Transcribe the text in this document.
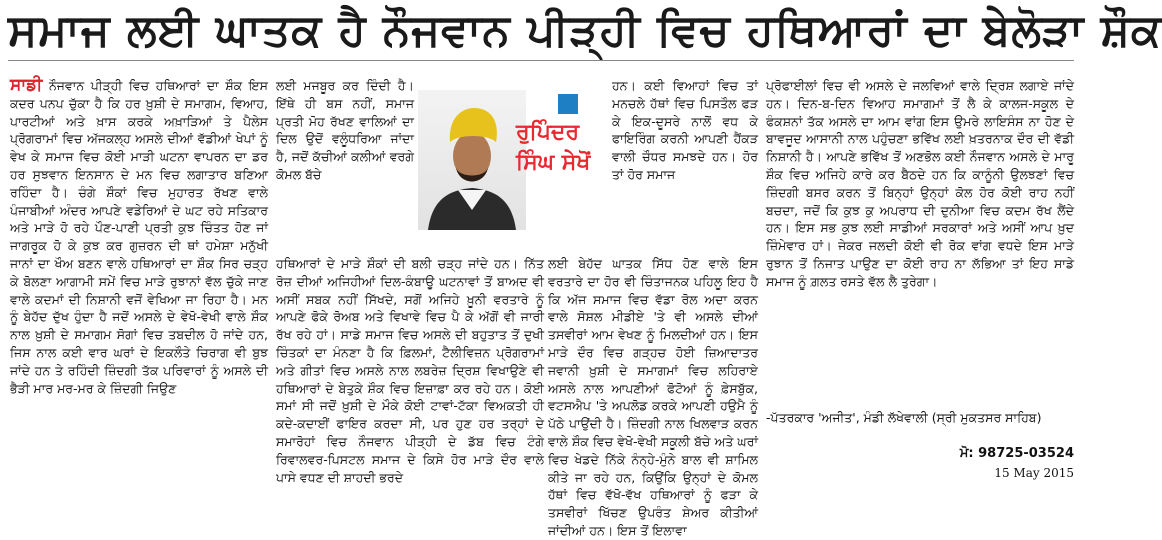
ਸਮਾਜ ਲਈ ਘਾਤਕ ਹੈ ਨੌਜਵਾਨ ਪੀੜ੍ਹੀ ਵਿਚ ਹਥਿਆਰਾਂ ਦਾ ਬੇਲੋੜਾ ਸ਼ੌਕ

ਸਾਡੀ ਨੌਜਵਾਨ ਪੀੜ੍ਹੀ ਵਿਚ ਹਥਿਆਰਾਂ ਦਾ ਸ਼ੌਕ ਇਸ ਕਦਰ ਪਨਪ ਚੁੱਕਾ ਹੈ ਕਿ ਹਰ ਖ਼ੁਸ਼ੀ ਦੇ ਸਮਾਗਮ, ਵਿਆਹ, ਪਾਰਟੀਆਂ ਅਤੇ ਖ਼ਾਸ ਕਰਕੇ ਅਖ਼ਾੜਿਆਂ ਤੇ ਪੈਲੇਸ ਪ੍ਰੋਗਰਾਮਾਂ ਵਿਚ ਅੱਜਕਲ੍ਹ ਅਸਲੇ ਦੀਆਂ ਵੱਡੀਆਂ ਖੇਪਾਂ ਨੂੰ ਵੇਖ ਕੇ ਸਮਾਜ ਵਿਚ ਕੋਈ ਮਾੜੀ ਘਟਨਾ ਵਾਪਰਨ ਦਾ ਡਰ ਹਰ ਸੁਝਵਾਨ ਇਨਸਾਨ ਦੇ ਮਨ ਵਿਚ ਲਗਾਤਾਰ ਬਣਿਆ ਰਹਿੰਦਾ ਹੈ। ਚੰਗੇ ਸ਼ੌਕਾਂ ਵਿਚ ਮੁਹਾਰਤ ਰੱਖਣ ਵਾਲੇ ਪੰਜਾਬੀਆਂ ਅੰਦਰ ਆਪਣੇ ਵਡੇਰਿਆਂ ਦੇ ਘਟ ਰਹੇ ਸਤਿਕਾਰ ਅਤੇ ਮਾੜੇ ਹੋ ਰਹੇ ਪੌਣ-ਪਾਣੀ ਪ੍ਰਤੀ ਕੁਝ ਚਿੰਤਤ ਹੋਣ ਜਾਂ ਜਾਗਰੂਕ ਹੋ ਕੇ ਕੁਝ ਕਰ ਗੁਜ਼ਰਨ ਦੀ ਥਾਂ ਹਮੇਸ਼ਾ ਮਨੁੱਖੀ ਜਾਨਾਂ ਦਾ ਖੌਅ ਬਣਨ ਵਾਲੇ ਹਥਿਆਰਾਂ ਦਾ ਸ਼ੌਕ ਸਿਰ ਚੜ੍ਹ ਕੇ ਬੋਲਣਾ ਆਗਾਮੀ ਸਮੇਂ ਵਿਚ ਮਾੜੇ ਰੁਝਾਨਾਂ ਵੱਲ ਚੁੱਕੇ ਜਾਣ ਵਾਲੇ ਕਦਮਾਂ ਦੀ ਨਿਸ਼ਾਨੀ ਵਜੋਂ ਵੇਖਿਆ ਜਾ ਰਿਹਾ ਹੈ। ਮਨ ਨੂੰ ਬੇਹੱਦ ਦੁੱਖ ਹੁੰਦਾ ਹੈ ਜਦੋਂ ਅਸਲੇ ਦੇ ਵੇਖੋ-ਵੇਖੀ ਵਾਲੇ ਸ਼ੌਕ ਨਾਲ ਖ਼ੁਸ਼ੀ ਦੇ ਸਮਾਗਮ ਸੋਗਾਂ ਵਿਚ ਤਬਦੀਲ ਹੋ ਜਾਂਦੇ ਹਨ, ਜਿਸ ਨਾਲ ਕਈ ਵਾਰ ਘਰਾਂ ਦੇ ਇਕਲੌਤੇ ਚਿਰਾਗ ਵੀ ਬੁਝ ਜਾਂਦੇ ਹਨ ਤੇ ਰਹਿੰਦੀ ਜ਼ਿੰਦਗੀ ਤੱਕ ਪਰਿਵਾਰਾਂ ਨੂੰ ਅਸਲੇ ਦੀ ਭੈੜੀ ਮਾਰ ਮਰ-ਮਰ ਕੇ ਜ਼ਿੰਦਗੀ ਜਿਉਣ

ਲਈ ਮਜਬੂਰ ਕਰ ਦਿੰਦੀ ਹੈ। ਇੱਥੇ ਹੀ ਬਸ ਨਹੀਂ, ਸਮਾਜ ਪ੍ਰਤੀ ਮੋਹ ਰੱਖਣ ਵਾਲਿਆਂ ਦਾ ਦਿਲ ਉਦੋਂ ਵਲੂੰਧਰਿਆ ਜਾਂਦਾ ਹੈ, ਜਦੋਂ ਕੱਚੀਆਂ ਕਲੀਆਂ ਵਰਗੇ ਕੋਮਲ ਬੱਚੇ

ਰੁਪਿੰਦਰ ਸਿੰਘ ਸੇਖੋਂ

ਹਨ। ਕਈ ਵਿਆਹਾਂ ਵਿਚ ਤਾਂ ਮਨਚਲੇ ਹੱਥਾਂ ਵਿਚ ਪਿਸਤੌਲ ਫੜ ਕੇ ਇਕ-ਦੂਸਰੇ ਨਾਲੋਂ ਵਧ ਕੇ ਫਾਇਰਿੰਗ ਕਰਨੀ ਆਪਣੀ ਹੈਂਕੜ ਵਾਲੀ ਚੌਧਰ ਸਮਝਦੇ ਹਨ। ਹੋਰ ਤਾਂ ਹੋਰ ਸਮਾਜ

ਹਥਿਆਰਾਂ ਦੇ ਮਾੜੇ ਸ਼ੌਕਾਂ ਦੀ ਬਲੀ ਚੜ੍ਹ ਜਾਂਦੇ ਹਨ। ਨਿੱਤ ਰੋਜ਼ ਦੀਆਂ ਅਜਿਹੀਆਂ ਦਿਲ-ਕੰਬਾਊ ਘਟਨਾਵਾਂ ਤੋਂ ਬਾਅਦ ਵੀ ਅਸੀਂ ਸਬਕ ਨਹੀਂ ਸਿੱਖਦੇ, ਸਗੋਂ ਅਜਿਹੇ ਖ਼ੂਨੀ ਵਰਤਾਰੇ ਨੂੰ ਆਪਣੇ ਫੋਕੇ ਰੋਅਬ ਅਤੇ ਵਿਖਾਵੇ ਵਿਚ ਪੈ ਕੇ ਅੱਗੋਂ ਵੀ ਜਾਰੀ ਰੱਖ ਰਹੇ ਹਾਂ। ਸਾਡੇ ਸਮਾਜ ਵਿਚ ਅਸਲੇ ਦੀ ਬਹੁਤਾਤ ਤੋਂ ਦੁਖੀ ਚਿੰਤਕਾਂ ਦਾ ਮੰਨਣਾ ਹੈ ਕਿ ਫ਼ਿਲਮਾਂ, ਟੈਲੀਵਿਜ਼ਨ ਪ੍ਰੋਗਰਾਮਾਂ ਅਤੇ ਗੀਤਾਂ ਵਿਚ ਅਸਲੇ ਨਾਲ ਲਬਰੇਜ਼ ਦ੍ਰਿਸ਼ ਵਿਖਾਉਣੇ ਵੀ ਹਥਿਆਰਾਂ ਦੇ ਬੇਤੁਕੇ ਸ਼ੌਕ ਵਿਚ ਇਜ਼ਾਫ਼ਾ ਕਰ ਰਹੇ ਹਨ। ਕੋਈ ਸਮਾਂ ਸੀ ਜਦੋਂ ਖ਼ੁਸ਼ੀ ਦੇ ਮੌਕੇ ਕੋਈ ਟਾਵਾਂ-ਟੱਕਾ ਵਿਅਕਤੀ ਹੀ ਕਦੇ-ਕਦਾਈਂ ਫਾਇਰ ਕਰਦਾ ਸੀ, ਪਰ ਹੁਣ ਹਰ ਤਰ੍ਹਾਂ ਦੇ ਸਮਾਰੋਹਾਂ ਵਿਚ ਨੌਜਵਾਨ ਪੀੜ੍ਹੀ ਦੇ ਡੱਬ ਵਿਚ ਟੰਗੇ ਰਿਵਾਲਵਰ-ਪਿਸਟਲ ਸਮਾਜ ਦੇ ਕਿਸੇ ਹੋਰ ਮਾੜੇ ਦੌਰ ਵਾਲੇ ਪਾਸੇ ਵਧਣ ਦੀ ਸ਼ਾਹਦੀ ਭਰਦੇ

ਲਈ ਬੇਹੱਦ ਘਾਤਕ ਸਿੱਧ ਹੋਣ ਵਾਲੇ ਇਸ ਵਰਤਾਰੇ ਦਾ ਹੋਰ ਵੀ ਚਿੰਤਾਜਨਕ ਪਹਿਲੂ ਇਹ ਹੈ ਕਿ ਅੱਜ ਸਮਾਜ ਵਿਚ ਵੱਡਾ ਰੋਲ ਅਦਾ ਕਰਨ ਵਾਲੇ ਸੋਸ਼ਲ ਮੀਡੀਏ 'ਤੇ ਵੀ ਅਸਲੇ ਦੀਆਂ ਤਸਵੀਰਾਂ ਆਮ ਵੇਖਣ ਨੂੰ ਮਿਲਦੀਆਂ ਹਨ। ਇਸ ਮਾੜੇ ਦੌਰ ਵਿਚ ਗੜ੍ਹਚ ਹੋਈ ਜ਼ਿਆਦਾਤਰ ਜਵਾਨੀ ਖ਼ੁਸ਼ੀ ਦੇ ਸਮਾਗਮਾਂ ਵਿਚ ਲਹਿਰਾਏ ਅਸਲੇ ਨਾਲ ਆਪਣੀਆਂ ਫੋਟੋਆਂ ਨੂੰ ਫ਼ੇਸਬੁੱਕ, ਵਟਸਐਪ 'ਤੇ ਅਪਲੋਡ ਕਰਕੇ ਆਪਣੀ ਹਉਮੈ ਨੂੰ ਪੱਠੇ ਪਾਉਂਦੀ ਹੈ। ਜ਼ਿੰਦਗੀ ਨਾਲ ਖਿਲਵਾੜ ਕਰਨ ਵਾਲੇ ਸ਼ੌਕ ਵਿਚ ਵੇਖੋ-ਵੇਖੀ ਸਕੂਲੀ ਬੱਚੇ ਅਤੇ ਘਰਾਂ ਵਿਚ ਖੇਡਦੇ ਨਿੱਕੇ ਨੰਨ੍ਹੇ-ਮੁੰਨੇ ਬਾਲ ਵੀ ਸ਼ਾਮਿਲ ਕੀਤੇ ਜਾ ਰਹੇ ਹਨ, ਕਿਉਂਕਿ ਉਨ੍ਹਾਂ ਦੇ ਕੋਮਲ ਹੱਥਾਂ ਵਿਚ ਵੱਖੋ-ਵੱਖ ਹਥਿਆਰਾਂ ਨੂੰ ਫੜਾ ਕੇ ਤਸਵੀਰਾਂ ਖਿੱਚਣ ਉਪਰੰਤ ਸ਼ੇਅਰ ਕੀਤੀਆਂ ਜਾਂਦੀਆਂ ਹਨ। ਇਸ ਤੋਂ ਇਲਾਵਾ

ਪ੍ਰੋਫਾਈਲਾਂ ਵਿਚ ਵੀ ਅਸਲੇ ਦੇ ਜਲਵਿਆਂ ਵਾਲੇ ਦ੍ਰਿਸ਼ ਲਗਾਏ ਜਾਂਦੇ ਹਨ। ਦਿਨ-ਬ-ਦਿਨ ਵਿਆਹ ਸਮਾਗਮਾਂ ਤੋਂ ਲੈ ਕੇ ਕਾਲਜ-ਸਕੂਲ ਦੇ ਫੰਕਸ਼ਨਾਂ ਤੱਕ ਅਸਲੇ ਦਾ ਆਮ ਵਾਂਗ ਇਸ ਉਮਰੇ ਲਾਇਸੰਸ ਨਾ ਹੋਣ ਦੇ ਬਾਵਜੂਦ ਆਸਾਨੀ ਨਾਲ ਪਹੁੰਚਣਾ ਭਵਿੱਖ ਲਈ ਖ਼ਤਰਨਾਕ ਦੌਰ ਦੀ ਵੱਡੀ ਨਿਸ਼ਾਨੀ ਹੈ। ਆਪਣੇ ਭਵਿੱਖ ਤੋਂ ਅਣਭੋਲ ਕਈ ਨੌਜਵਾਨ ਅਸਲੇ ਦੇ ਮਾਰੂ ਸ਼ੌਕ ਵਿਚ ਅਜਿਹੇ ਕਾਰੇ ਕਰ ਬੈਠਦੇ ਹਨ ਕਿ ਕਾਨੂੰਨੀ ਉਲਝਣਾਂ ਵਿਚ ਜ਼ਿੰਦਗੀ ਬਸਰ ਕਰਨ ਤੋਂ ਬਿਨ੍ਹਾਂ ਉਨ੍ਹਾਂ ਕੋਲ ਹੋਰ ਕੋਈ ਰਾਹ ਨਹੀਂ ਬਚਦਾ, ਜਦੋਂ ਕਿ ਕੁਝ ਕੁ ਅਪਰਾਧ ਦੀ ਦੁਨੀਆ ਵਿਚ ਕਦਮ ਰੱਖ ਲੈਂਦੇ ਹਨ। ਇਸ ਸਭ ਕੁਝ ਲਈ ਸਾਡੀਆਂ ਸਰਕਾਰਾਂ ਅਤੇ ਅਸੀਂ ਆਪ ਖ਼ੁਦ ਜ਼ਿੰਮੇਵਾਰ ਹਾਂ। ਜੇਕਰ ਜਲਦੀ ਕੋਈ ਵੀ ਰੋਕ ਵਾਂਗ ਵਧਦੇ ਇਸ ਮਾੜੇ ਰੁਝਾਨ ਤੋਂ ਨਿਜਾਤ ਪਾਉਣ ਦਾ ਕੋਈ ਰਾਹ ਨਾ ਲੱਭਿਆ ਤਾਂ ਇਹ ਸਾਡੇ ਸਮਾਜ ਨੂੰ ਗ਼ਲਤ ਰਸਤੇ ਵੱਲ ਲੈ ਤੁਰੇਗਾ।

-ਪੱਤਰਕਾਰ 'ਅਜੀਤ', ਮੰਡੀ ਲੱਖੇਵਾਲੀ (ਸ੍ਰੀ ਮੁਕਤਸਰ ਸਾਹਿਬ)
ਮੋ: 98725-03524
15 May 2015
